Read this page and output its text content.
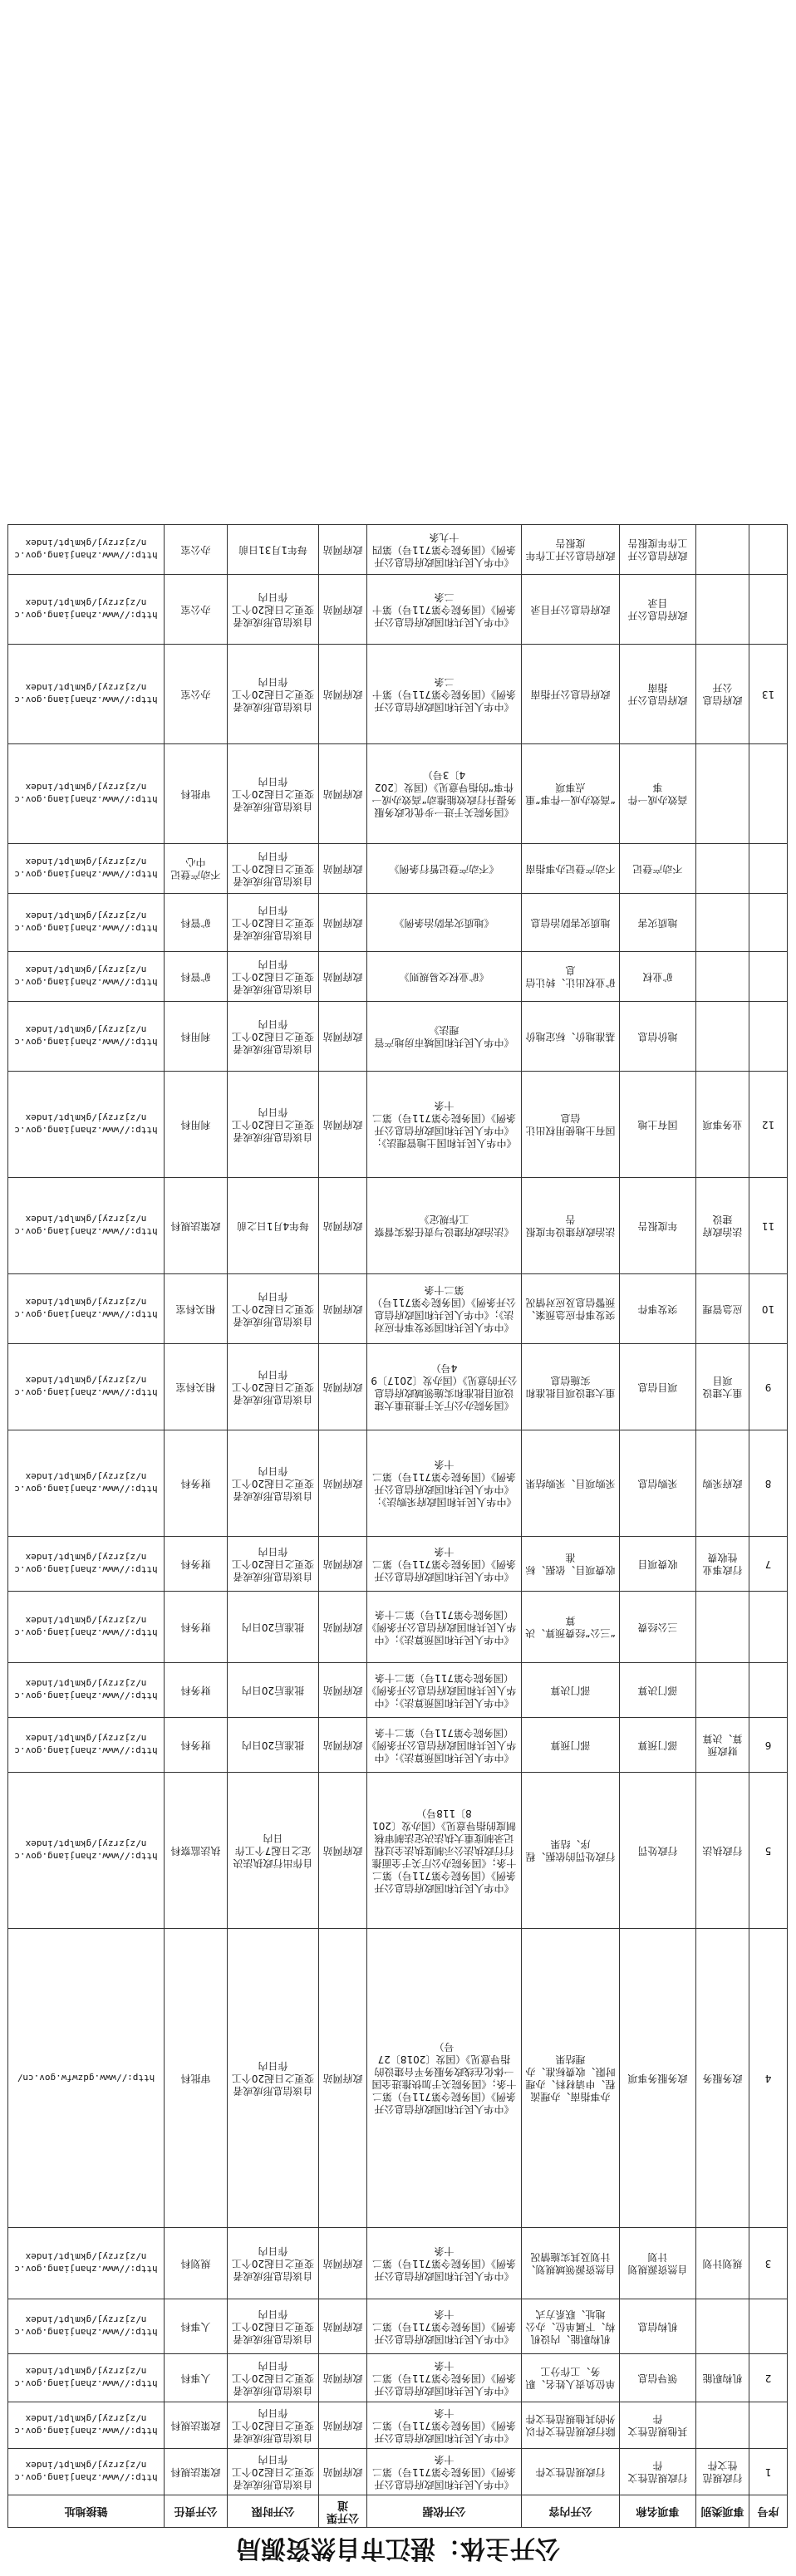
公开主体：湛江市自然资源局
序号	事项类别	事项名称	公开内容	公开依据	公开渠道	公开时限	公开责任	链接地址
1	行政规范性文件	行政规范性文件	行政规范性文件	《中华人民共和国政府信息公开条例》（国务院令第711号）第二十条	政府网站	自该信息形成或者变更之日起20个工作日内	政策法规科	http://www.zhanjiang.gov.cn/zjzrzyj/gkmlpt/index
		其他规范性文件	除行政规范性文件以外的其他规范性文件	《中华人民共和国政府信息公开条例》（国务院令第711号）第二十条	政府网站	自该信息形成或者变更之日起20个工作日内	政策法规科	http://www.zhanjiang.gov.cn/zjzrzyj/gkmlpt/index
2	机构职能	领导信息	单位负责人姓名、职务、工作分工	《中华人民共和国政府信息公开条例》（国务院令第711号）第二十条	政府网站	自该信息形成或者变更之日起20个工作日内	人事科	http://www.zhanjiang.gov.cn/zjzrzyj/gkmlpt/index
		机构信息	机构职能、内设机构、下属单位、办公地址、联系方式	《中华人民共和国政府信息公开条例》（国务院令第711号）第二十条	政府网站	自该信息形成或者变更之日起20个工作日内	人事科	http://www.zhanjiang.gov.cn/zjzrzyj/gkmlpt/index
3	规划计划	自然资源规划计划	自然资源领域规划、计划及其实施情况	《中华人民共和国政府信息公开条例》（国务院令第711号）第二十条	政府网站	自该信息形成或者变更之日起20个工作日内	规划科	http://www.zhanjiang.gov.cn/zjzrzyj/gkmlpt/index
4	政务服务	政务服务事项	办事指南、办理流程、申请材料、办理时限、收费标准、办理结果	《中华人民共和国政府信息公开条例》（国务院令第711号）第二十条；《国务院关于加快推进全国一体化在线政务服务平台建设的指导意见》（国发〔2018〕27号）	政府网站	自该信息形成或者变更之日起20个工作日内	审批科	http://www.gdzwfw.gov.cn/
5	行政执法	行政处罚	行政处罚的依据、程序、结果	《中华人民共和国政府信息公开条例》（国务院令第711号）第二十条；《国务院办公厅关于全面推行行政执法公示制度执法全过程记录制度重大执法决定法制审核制度的指导意见》（国办发〔2018〕118号）	政府网站	自作出行政执法决定之日起7个工作日内	执法监察科	http://www.zhanjiang.gov.cn/zjzrzyj/gkmlpt/index
6	财政预算、决算	部门预算	部门预算	《中华人民共和国预算法》；《中华人民共和国政府信息公开条例》（国务院令第711号）第二十条	政府网站	批准后20日内	财务科	http://www.zhanjiang.gov.cn/zjzrzyj/gkmlpt/index
		部门决算	部门决算	《中华人民共和国预算法》；《中华人民共和国政府信息公开条例》（国务院令第711号）第二十条	政府网站	批准后20日内	财务科	http://www.zhanjiang.gov.cn/zjzrzyj/gkmlpt/index
		三公经费	“三公”经费预算、决算	《中华人民共和国预算法》；《中华人民共和国政府信息公开条例》（国务院令第711号）第二十条	政府网站	批准后20日内	财务科	http://www.zhanjiang.gov.cn/zjzrzyj/gkmlpt/index
7	行政事业性收费	收费项目	收费项目、依据、标准	《中华人民共和国政府信息公开条例》（国务院令第711号）第二十条	政府网站	自该信息形成或者变更之日起20个工作日内	财务科	http://www.zhanjiang.gov.cn/zjzrzyj/gkmlpt/index
8	政府采购	采购信息	采购项目、采购结果	《中华人民共和国政府采购法》；《中华人民共和国政府信息公开条例》（国务院令第711号）第二十条	政府网站	自该信息形成或者变更之日起20个工作日内	财务科	http://www.zhanjiang.gov.cn/zjzrzyj/gkmlpt/index
9	重大建设项目	项目信息	重大建设项目批准和实施信息	《国务院办公厅关于推进重大建设项目批准和实施领域政府信息公开的意见》（国办发〔2017〕94号）	政府网站	自该信息形成或者变更之日起20个工作日内	相关科室	http://www.zhanjiang.gov.cn/zjzrzyj/gkmlpt/index
10	应急管理	突发事件	突发事件应急预案、预警信息及应对情况	《中华人民共和国突发事件应对法》；《中华人民共和国政府信息公开条例》（国务院令第711号）第二十条	政府网站	自该信息形成或者变更之日起20个工作日内	相关科室	http://www.zhanjiang.gov.cn/zjzrzyj/gkmlpt/index
11	法治政府建设	年度报告	法治政府建设年度报告	《法治政府建设与责任落实督察工作规定》	政府网站	每年4月1日之前	政策法规科	http://www.zhanjiang.gov.cn/zjzrzyj/gkmlpt/index
12	业务事项	国有土地	国有土地使用权出让信息	《中华人民共和国土地管理法》；《中华人民共和国政府信息公开条例》（国务院令第711号）第二十条	政府网站	自该信息形成或者变更之日起20个工作日内	利用科	http://www.zhanjiang.gov.cn/zjzrzyj/gkmlpt/index
		地价信息	基准地价、标定地价	《中华人民共和国城市房地产管理法》	政府网站	自该信息形成或者变更之日起20个工作日内	利用科	http://www.zhanjiang.gov.cn/zjzrzyj/gkmlpt/index
		矿业权	矿业权出让、转让信息	《矿业权交易规则》	政府网站	自该信息形成或者变更之日起20个工作日内	矿管科	http://www.zhanjiang.gov.cn/zjzrzyj/gkmlpt/index
		地质灾害	地质灾害防治信息	《地质灾害防治条例》	政府网站	自该信息形成或者变更之日起20个工作日内	矿管科	http://www.zhanjiang.gov.cn/zjzrzyj/gkmlpt/index
		不动产登记	不动产登记办事指南	《不动产登记暂行条例》	政府网站	自该信息形成或者变更之日起20个工作日内	不动产登记中心	http://www.zhanjiang.gov.cn/zjzrzyj/gkmlpt/index
		高效办成一件事	“高效办成一件事”重点事项	《国务院关于进一步优化政务服务提升行政效能推动“高效办成一件事”的指导意见》（国发〔2024〕3号）	政府网站	自该信息形成或者变更之日起20个工作日内	审批科	http://www.zhanjiang.gov.cn/zjzrzyj/gkmlpt/index
13	政府信息公开	政府信息公开指南	政府信息公开指南	《中华人民共和国政府信息公开条例》（国务院令第711号）第十二条	政府网站	自该信息形成或者变更之日起20个工作日内	办公室	http://www.zhanjiang.gov.cn/zjzrzyj/gkmlpt/index
		政府信息公开目录	政府信息公开目录	《中华人民共和国政府信息公开条例》（国务院令第711号）第十二条	政府网站	自该信息形成或者变更之日起20个工作日内	办公室	http://www.zhanjiang.gov.cn/zjzrzyj/gkmlpt/index
		政府信息公开工作年度报告	政府信息公开工作年度报告	《中华人民共和国政府信息公开条例》（国务院令第711号）第四十九条	政府网站	每年1月31日前	办公室	http://www.zhanjiang.gov.cn/zjzrzyj/gkmlpt/index
